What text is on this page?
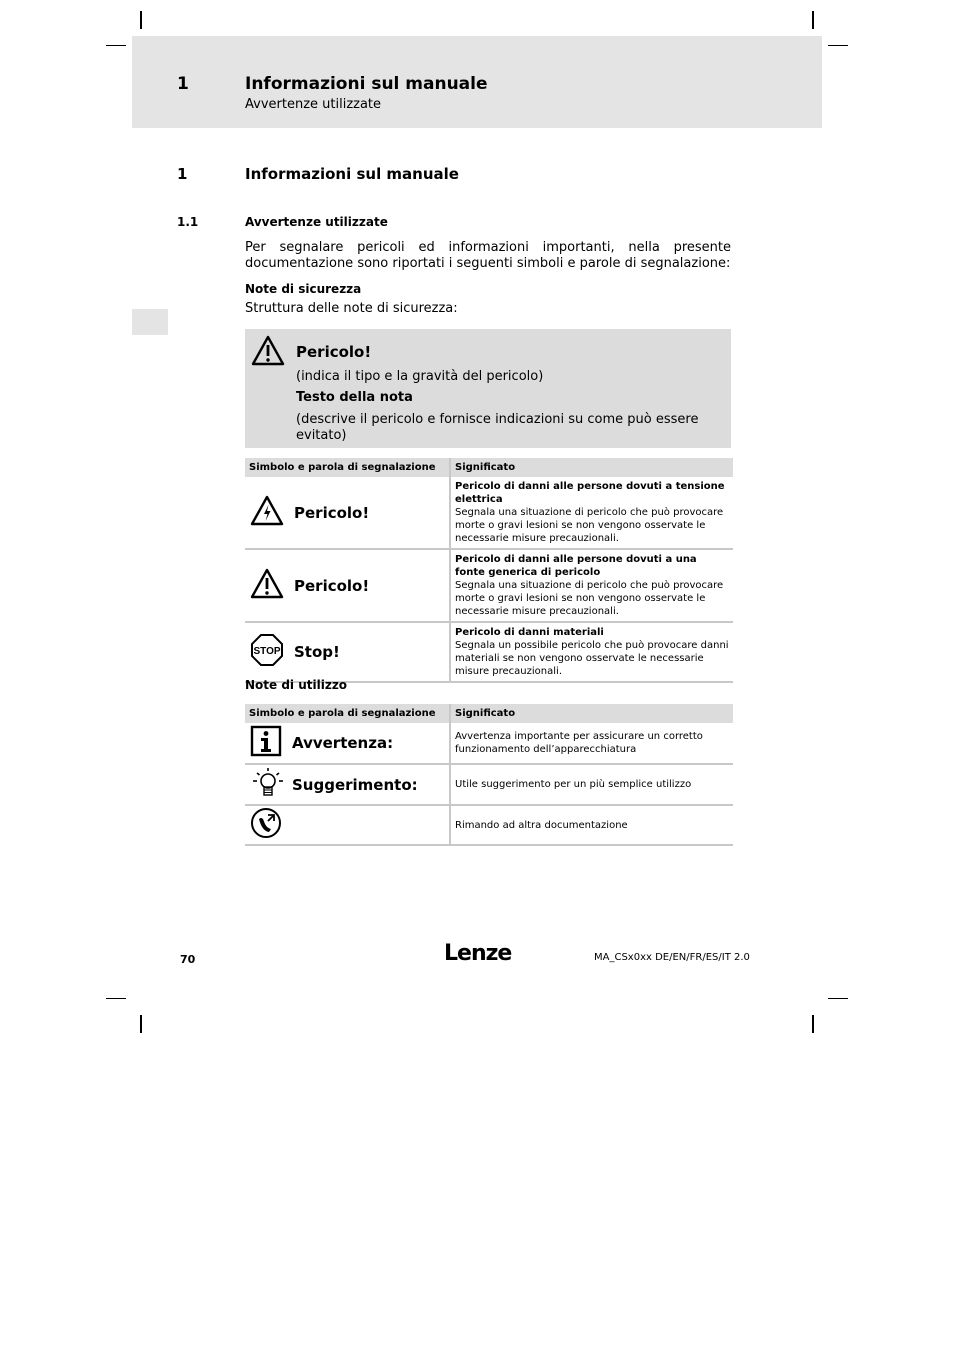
1	Informazioni sul manuale
Avvertenze utilizzate
1	Informazioni sul manuale
1.1	Avvertenze utilizzate
Per segnalare pericoli ed informazioni importanti, nella presente documentazione sono riportati i seguenti simboli e parole di segnalazione:
Note di sicurezza
Struttura delle note di sicurezza:
Pericolo!
(indica il tipo e la gravità del pericolo)
Testo della nota
(descrive il pericolo e fornisce indicazioni su come può essere evitato)
Simbolo e parola di segnalazione	Significato

Pericolo!	Pericolo di danni alle persone dovuti a tensione elettrica
Segnala una situazione di pericolo che può provocare morte o gravi lesioni se non vengono osservate le necessarie misure precauzionali.

Pericolo!	Pericolo di danni alle persone dovuti a una fonte generica di pericolo
Segnala una situazione di pericolo che può provocare morte o gravi lesioni se non vengono osservate le necessarie misure precauzionali.

STOP Stop!	Pericolo di danni materiali
Segnala un possibile pericolo che può provocare danni materiali se non vengono osservate le necessarie misure precauzionali.
Note di utilizzo
Simbolo e parola di segnalazione	Significato

Avvertenza:	Avvertenza importante per assicurare un corretto funzionamento dell’apparecchiatura

Suggerimento:	Utile suggerimento per un più semplice utilizzo

	Rimando ad altra documentazione
70	Lenze	MA_CSx0xx DE/EN/FR/ES/IT 2.0
